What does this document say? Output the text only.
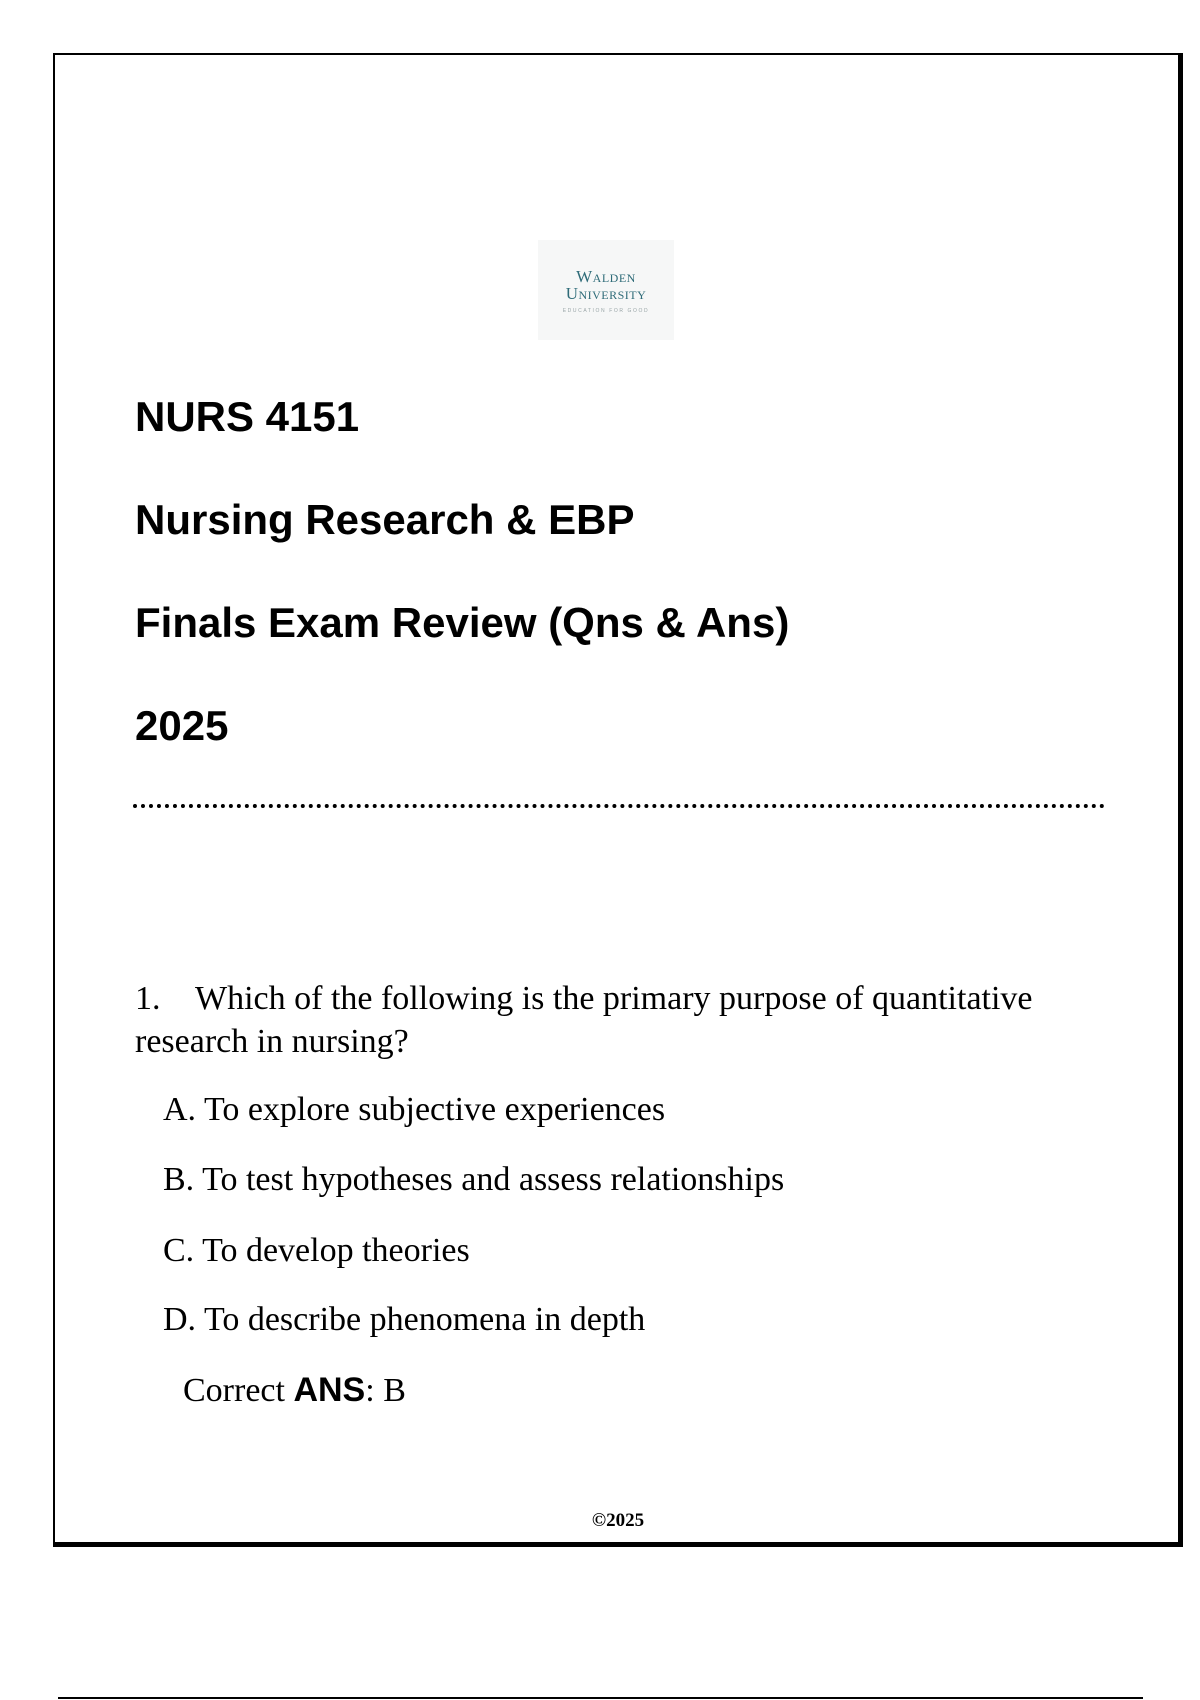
Walden
University
EDUCATION FOR GOOD
NURS 4151
Nursing Research & EBP
Finals Exam Review (Qns & Ans)
2025

1. Which of the following is the primary purpose of quantitative research in nursing?

A. To explore subjective experiences

B. To test hypotheses and assess relationships

C. To develop theories

D. To describe phenomena in depth

Correct ANS: B
©2025
